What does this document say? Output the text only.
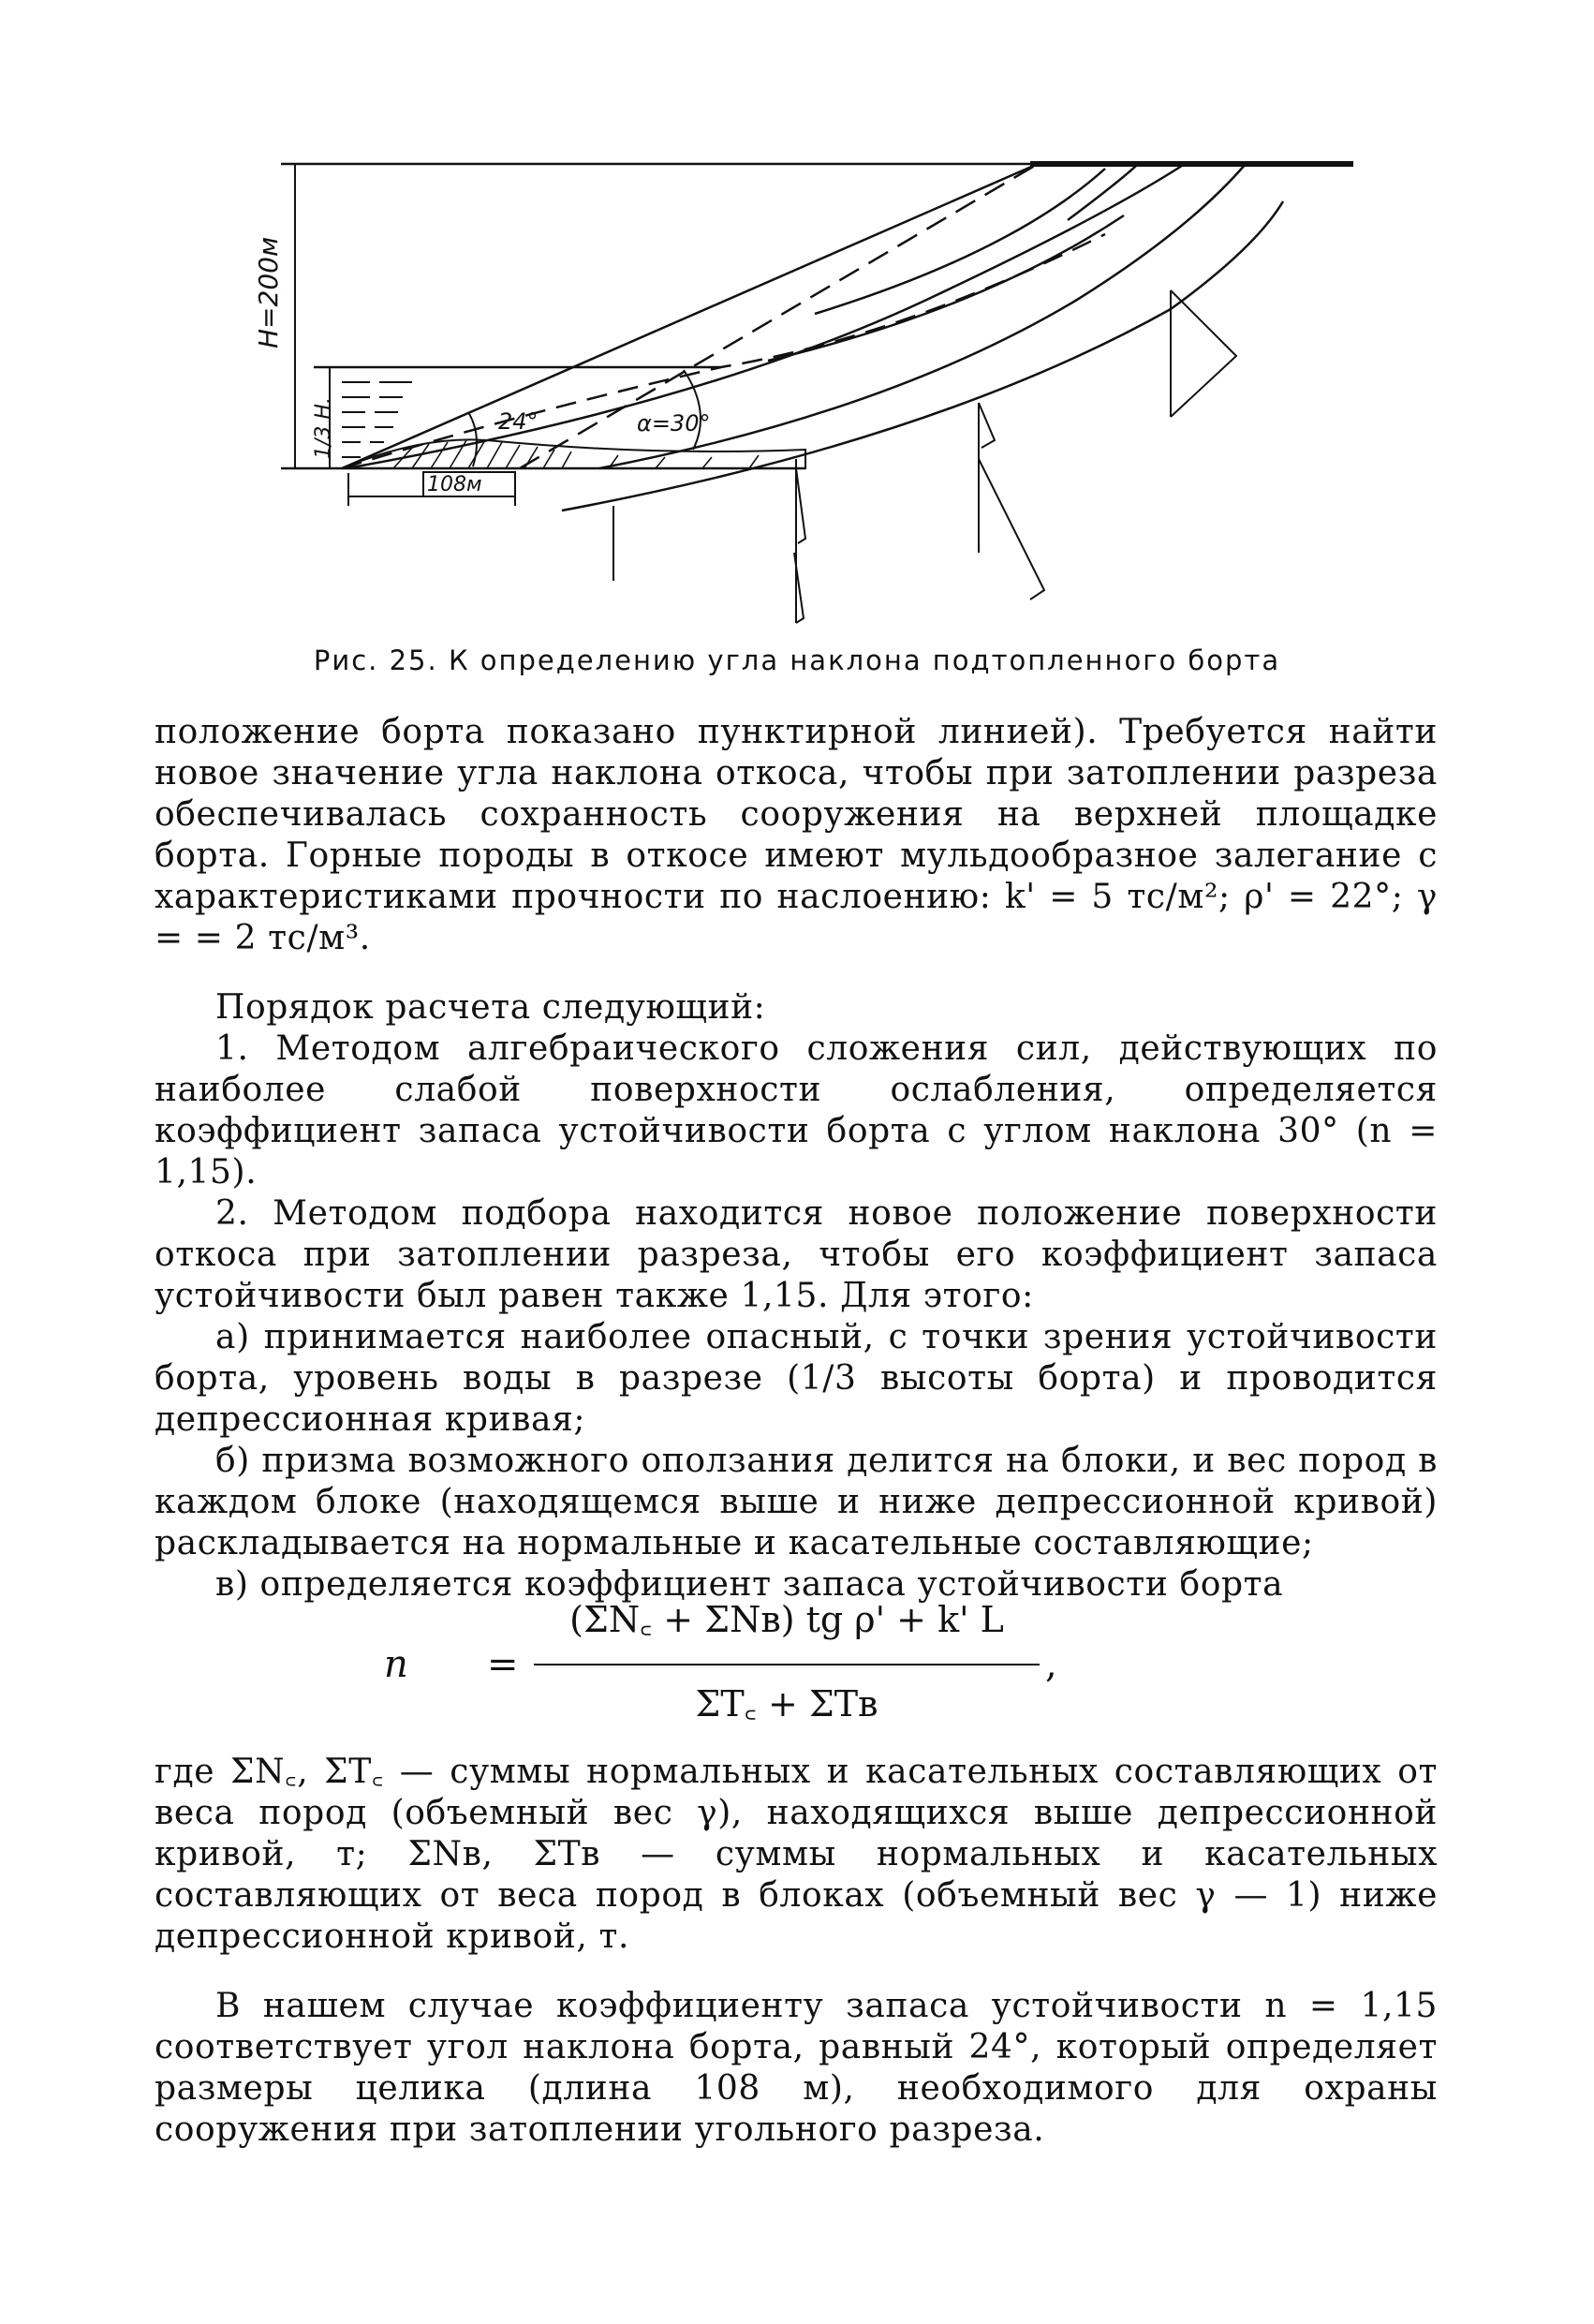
H=200м
1/3 H.	24°	α=30°
108м
Рис. 25. К определению угла наклона подтопленного борта

положение борта показано пунктирной линией). Требуется найти новое значение угла наклона откоса, чтобы при затоплении разреза обеспечивалась сохранность сооружения на верхней площадке борта. Горные породы в откосе имеют мульдообразное залегание с характеристиками прочности по наслоению: k' = 5 тс/м²; ρ' = 22°; γ = = 2 тс/м³.

Порядок расчета следующий:

1. Методом алгебраического сложения сил, действующих по наиболее слабой поверхности ослабления, определяется коэффициент запаса устойчивости борта с углом наклона 30° (n = 1,15).

2. Методом подбора находится новое положение поверхности откоса при затоплении разреза, чтобы его коэффициент запаса устойчивости был равен также 1,15. Для этого:

а) принимается наиболее опасный, с точки зрения устойчивости борта, уровень воды в разрезе (1/3 высоты борта) и проводится депрессионная кривая;

б) призма возможного оползания делится на блоки, и вес пород в каждом блоке (находящемся выше и ниже депрессионной кривой) раскладывается на нормальные и касательные составляющие;

в) определяется коэффициент запаса устойчивости борта

n =
(ΣN꜀ + ΣNв) tg ρ' + k' L
ΣT꜀ + ΣTв
,

где ΣN꜀, ΣT꜀ — суммы нормальных и касательных составляющих от веса пород (объемный вес γ), находящихся выше депрессионной кривой, т; ΣNв, ΣTв — суммы нормальных и касательных составляющих от веса пород в блоках (объемный вес γ — 1) ниже депрессионной кривой, т.

В нашем случае коэффициенту запаса устойчивости n = 1,15 соответствует угол наклона борта, равный 24°, который определяет размеры целика (длина 108 м), необходимого для охраны сооружения при затоплении угольного разреза.
